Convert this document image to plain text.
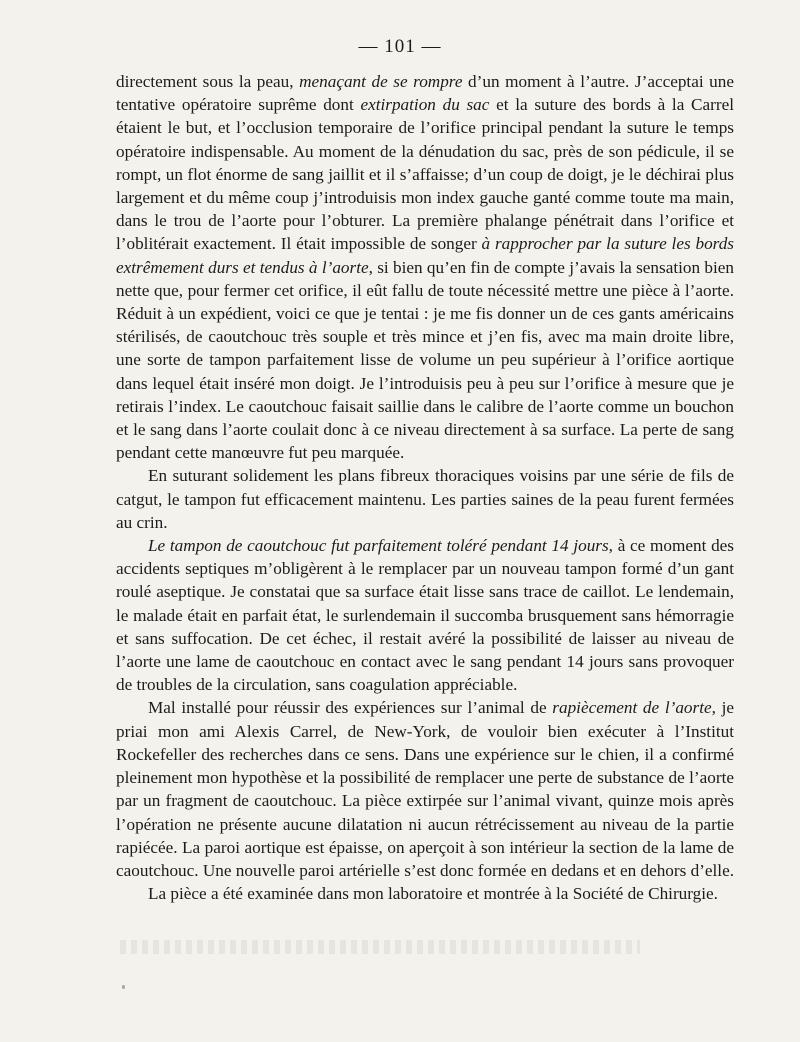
— 101 —

directement sous la peau, menaçant de se rompre d’un moment à l’autre. J’acceptai une tentative opératoire suprême dont extirpation du sac et la suture des bords à la Carrel étaient le but, et l’occlusion temporaire de l’orifice principal pendant la suture le temps opératoire indispensable. Au moment de la dénudation du sac, près de son pédicule, il se rompt, un flot énorme de sang jaillit et il s’affaisse; d’un coup de doigt, je le déchirai plus largement et du même coup j’introduisis mon index gauche ganté comme toute ma main, dans le trou de l’aorte pour l’obturer. La première phalange pénétrait dans l’orifice et l’oblitérait exactement. Il était impossible de songer à rapprocher par la suture les bords extrêmement durs et tendus à l’aorte, si bien qu’en fin de compte j’avais la sensation bien nette que, pour fermer cet orifice, il eût fallu de toute nécessité mettre une pièce à l’aorte. Réduit à un expédient, voici ce que je tentai : je me fis donner un de ces gants américains stérilisés, de caoutchouc très souple et très mince et j’en fis, avec ma main droite libre, une sorte de tampon parfaitement lisse de volume un peu supérieur à l’orifice aortique dans lequel était inséré mon doigt. Je l’introduisis peu à peu sur l’orifice à mesure que je retirais l’index. Le caoutchouc faisait saillie dans le calibre de l’aorte comme un bouchon et le sang dans l’aorte coulait donc à ce niveau directement à sa surface. La perte de sang pendant cette manœuvre fut peu marquée.

En suturant solidement les plans fibreux thoraciques voisins par une série de fils de catgut, le tampon fut efficacement maintenu. Les parties saines de la peau furent fermées au crin.

Le tampon de caoutchouc fut parfaitement toléré pendant 14 jours, à ce moment des accidents septiques m’obligèrent à le remplacer par un nouveau tampon formé d’un gant roulé aseptique. Je constatai que sa surface était lisse sans trace de caillot. Le lendemain, le malade était en parfait état, le surlendemain il succomba brusquement sans hémorragie et sans suffocation. De cet échec, il restait avéré la possibilité de laisser au niveau de l’aorte une lame de caoutchouc en contact avec le sang pendant 14 jours sans provoquer de troubles de la circulation, sans coagulation appréciable.

Mal installé pour réussir des expériences sur l’animal de rapiècement de l’aorte, je priai mon ami Alexis Carrel, de New-York, de vouloir bien exécuter à l’Institut Rockefeller des recherches dans ce sens. Dans une expérience sur le chien, il a confirmé pleinement mon hypothèse et la possibilité de remplacer une perte de substance de l’aorte par un fragment de caoutchouc. La pièce extirpée sur l’animal vivant, quinze mois après l’opération ne présente aucune dilatation ni aucun rétrécissement au niveau de la partie rapiécée. La paroi aortique est épaisse, on aperçoit à son intérieur la section de la lame de caoutchouc. Une nouvelle paroi artérielle s’est donc formée en dedans et en dehors d’elle.

La pièce a été examinée dans mon laboratoire et montrée à la Société de Chirurgie.
